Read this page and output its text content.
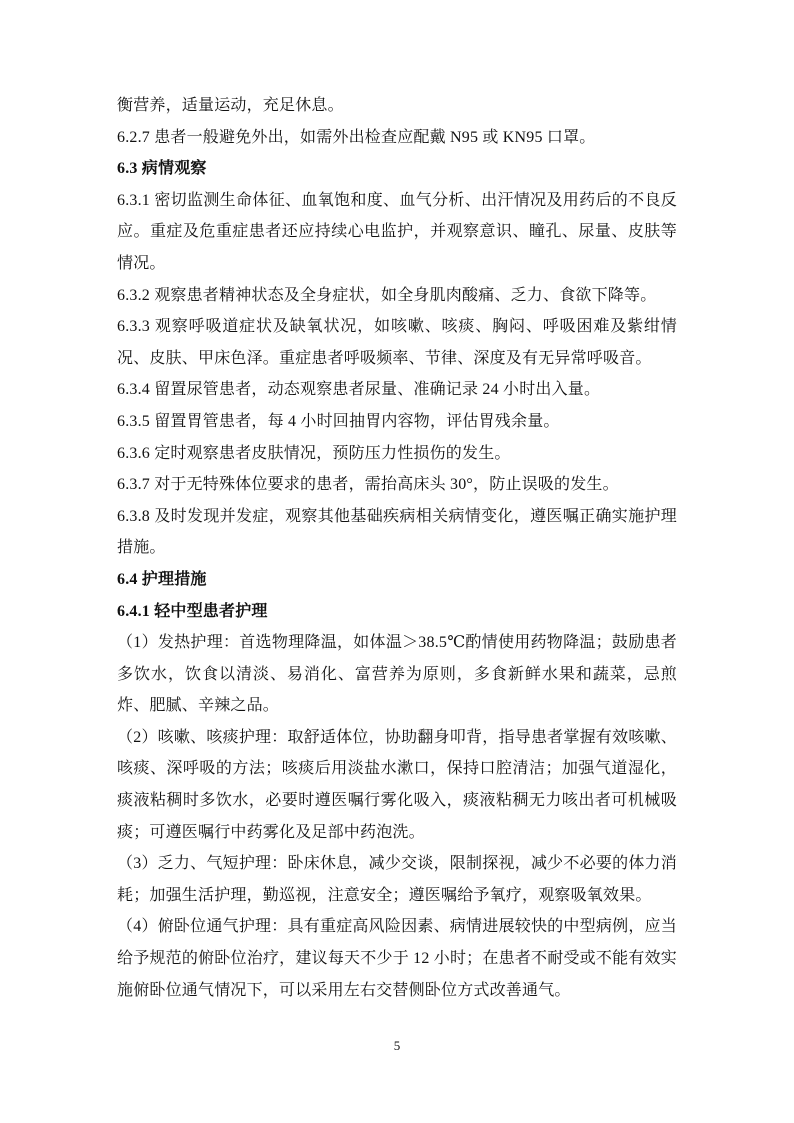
衡营养，适量运动，充足休息。

6.2.7 患者一般避免外出，如需外出检查应配戴 N95 或 KN95 口罩。

6.3 病情观察

6.3.1 密切监测生命体征、血氧饱和度、血气分析、出汗情况及用药后的不良反应。重症及危重症患者还应持续心电监护，并观察意识、瞳孔、尿量、皮肤等情况。

6.3.2 观察患者精神状态及全身症状，如全身肌肉酸痛、乏力、食欲下降等。

6.3.3 观察呼吸道症状及缺氧状况，如咳嗽、咳痰、胸闷、呼吸困难及紫绀情况、皮肤、甲床色泽。重症患者呼吸频率、节律、深度及有无异常呼吸音。

6.3.4 留置尿管患者，动态观察患者尿量、准确记录 24 小时出入量。

6.3.5 留置胃管患者，每 4 小时回抽胃内容物，评估胃残余量。

6.3.6 定时观察患者皮肤情况，预防压力性损伤的发生。

6.3.7 对于无特殊体位要求的患者，需抬高床头 30°，防止误吸的发生。

6.3.8 及时发现并发症，观察其他基础疾病相关病情变化，遵医嘱正确实施护理措施。

6.4 护理措施

6.4.1 轻中型患者护理

（1）发热护理：首选物理降温，如体温＞38.5℃酌情使用药物降温；鼓励患者多饮水，饮食以清淡、易消化、富营养为原则，多食新鲜水果和蔬菜，忌煎炸、肥腻、辛辣之品。

（2）咳嗽、咳痰护理：取舒适体位，协助翻身叩背，指导患者掌握有效咳嗽、咳痰、深呼吸的方法；咳痰后用淡盐水漱口，保持口腔清洁；加强气道湿化，痰液粘稠时多饮水，必要时遵医嘱行雾化吸入，痰液粘稠无力咳出者可机械吸痰；可遵医嘱行中药雾化及足部中药泡洗。

（3）乏力、气短护理：卧床休息，减少交谈，限制探视，减少不必要的体力消耗；加强生活护理，勤巡视，注意安全；遵医嘱给予氧疗，观察吸氧效果。

（4）俯卧位通气护理：具有重症高风险因素、病情进展较快的中型病例，应当给予规范的俯卧位治疗，建议每天不少于 12 小时；在患者不耐受或不能有效实施俯卧位通气情况下，可以采用左右交替侧卧位方式改善通气。

5
